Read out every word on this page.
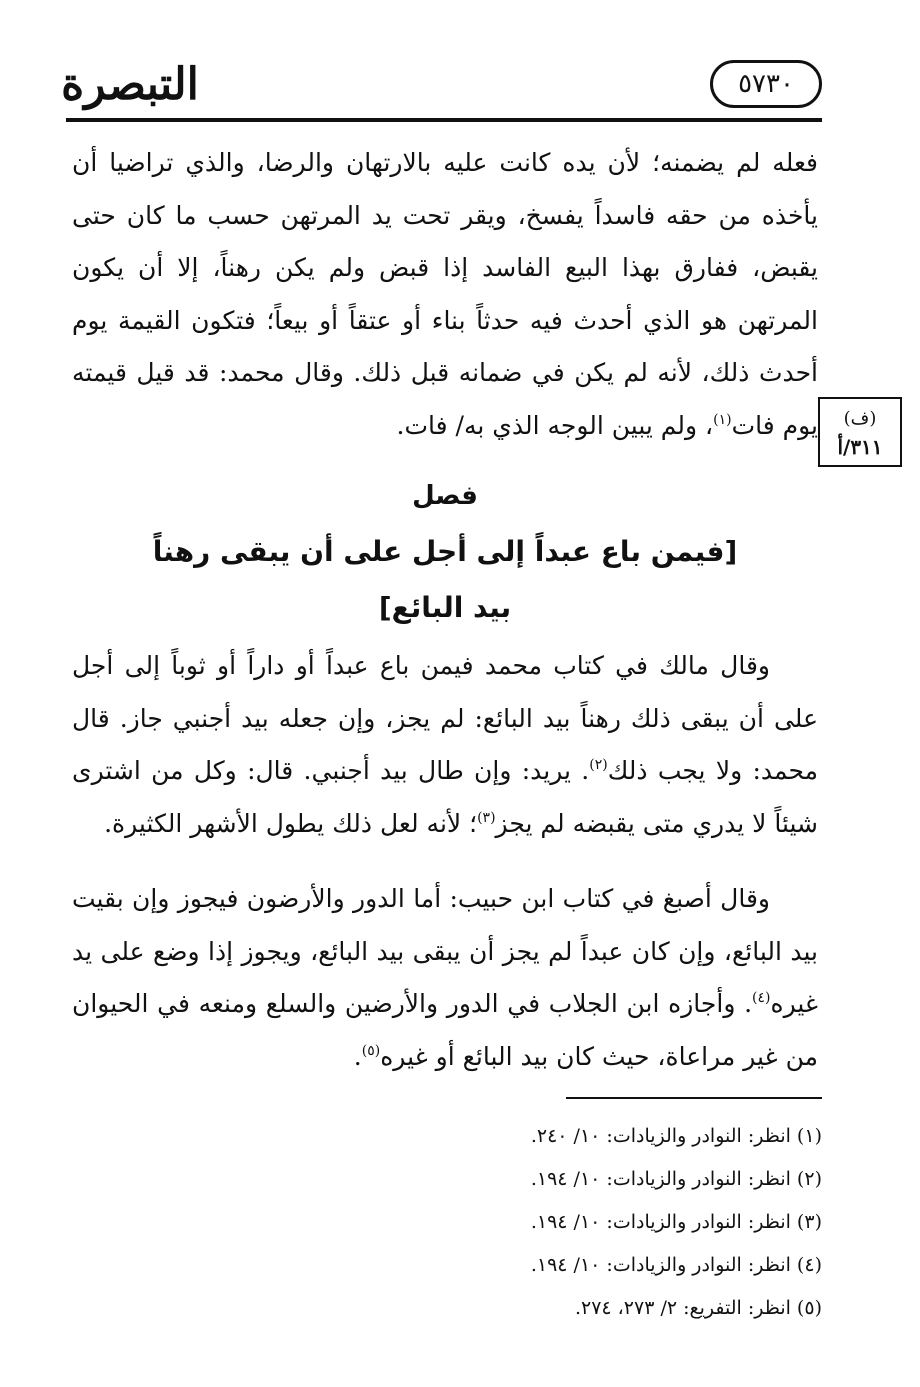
التبصرة	٥٧٣٠
فعله لم يضمنه؛ لأن يده كانت عليه بالارتهان والرضا، والذي تراضيا أن يأخذه من حقه فاسداً يفسخ، ويقر تحت يد المرتهن حسب ما كان حتى يقبض، ففارق بهذا البيع الفاسد إذا قبض ولم يكن رهناً، إلا أن يكون المرتهن هو الذي أحدث فيه حدثاً بناء أو عتقاً أو بيعاً؛ فتكون القيمة يوم أحدث ذلك، لأنه لم يكن في ضمانه قبل ذلك. وقال محمد: قد قيل قيمته يوم فات$^{(١)}$، ولم يبين الوجه الذي به/ فات.	(ف)
٣١١/أ
فصل
[فيمن باع عبداً إلى أجل على أن يبقى رهناً
بيد البائع]
وقال مالك في كتاب محمد فيمن باع عبداً أو داراً أو ثوباً إلى أجل على أن يبقى ذلك رهناً بيد البائع: لم يجز، وإن جعله بيد أجنبي جاز. قال محمد: ولا يجب ذلك$^{(٢)}$. يريد: وإن طال بيد أجنبي. قال: وكل من اشترى شيئاً لا يدري متى يقبضه لم يجز$^{(٣)}$؛ لأنه لعل ذلك يطول الأشهر الكثيرة.
وقال أصبغ في كتاب ابن حبيب: أما الدور والأرضون فيجوز وإن بقيت بيد البائع، وإن كان عبداً لم يجز أن يبقى بيد البائع، ويجوز إذا وضع على يد غيره$^{(٤)}$. وأجازه ابن الجلاب في الدور والأرضين والسلع ومنعه في الحيوان من غير مراعاة، حيث كان بيد البائع أو غيره$^{(٥)}$.
(١) انظر: النوادر والزيادات: ١٠/ ٢٤٠.
(٢) انظر: النوادر والزيادات: ١٠/ ١٩٤.
(٣) انظر: النوادر والزيادات: ١٠/ ١٩٤.
(٤) انظر: النوادر والزيادات: ١٠/ ١٩٤.
(٥) انظر: التفريع: ٢/ ٢٧٣، ٢٧٤.
